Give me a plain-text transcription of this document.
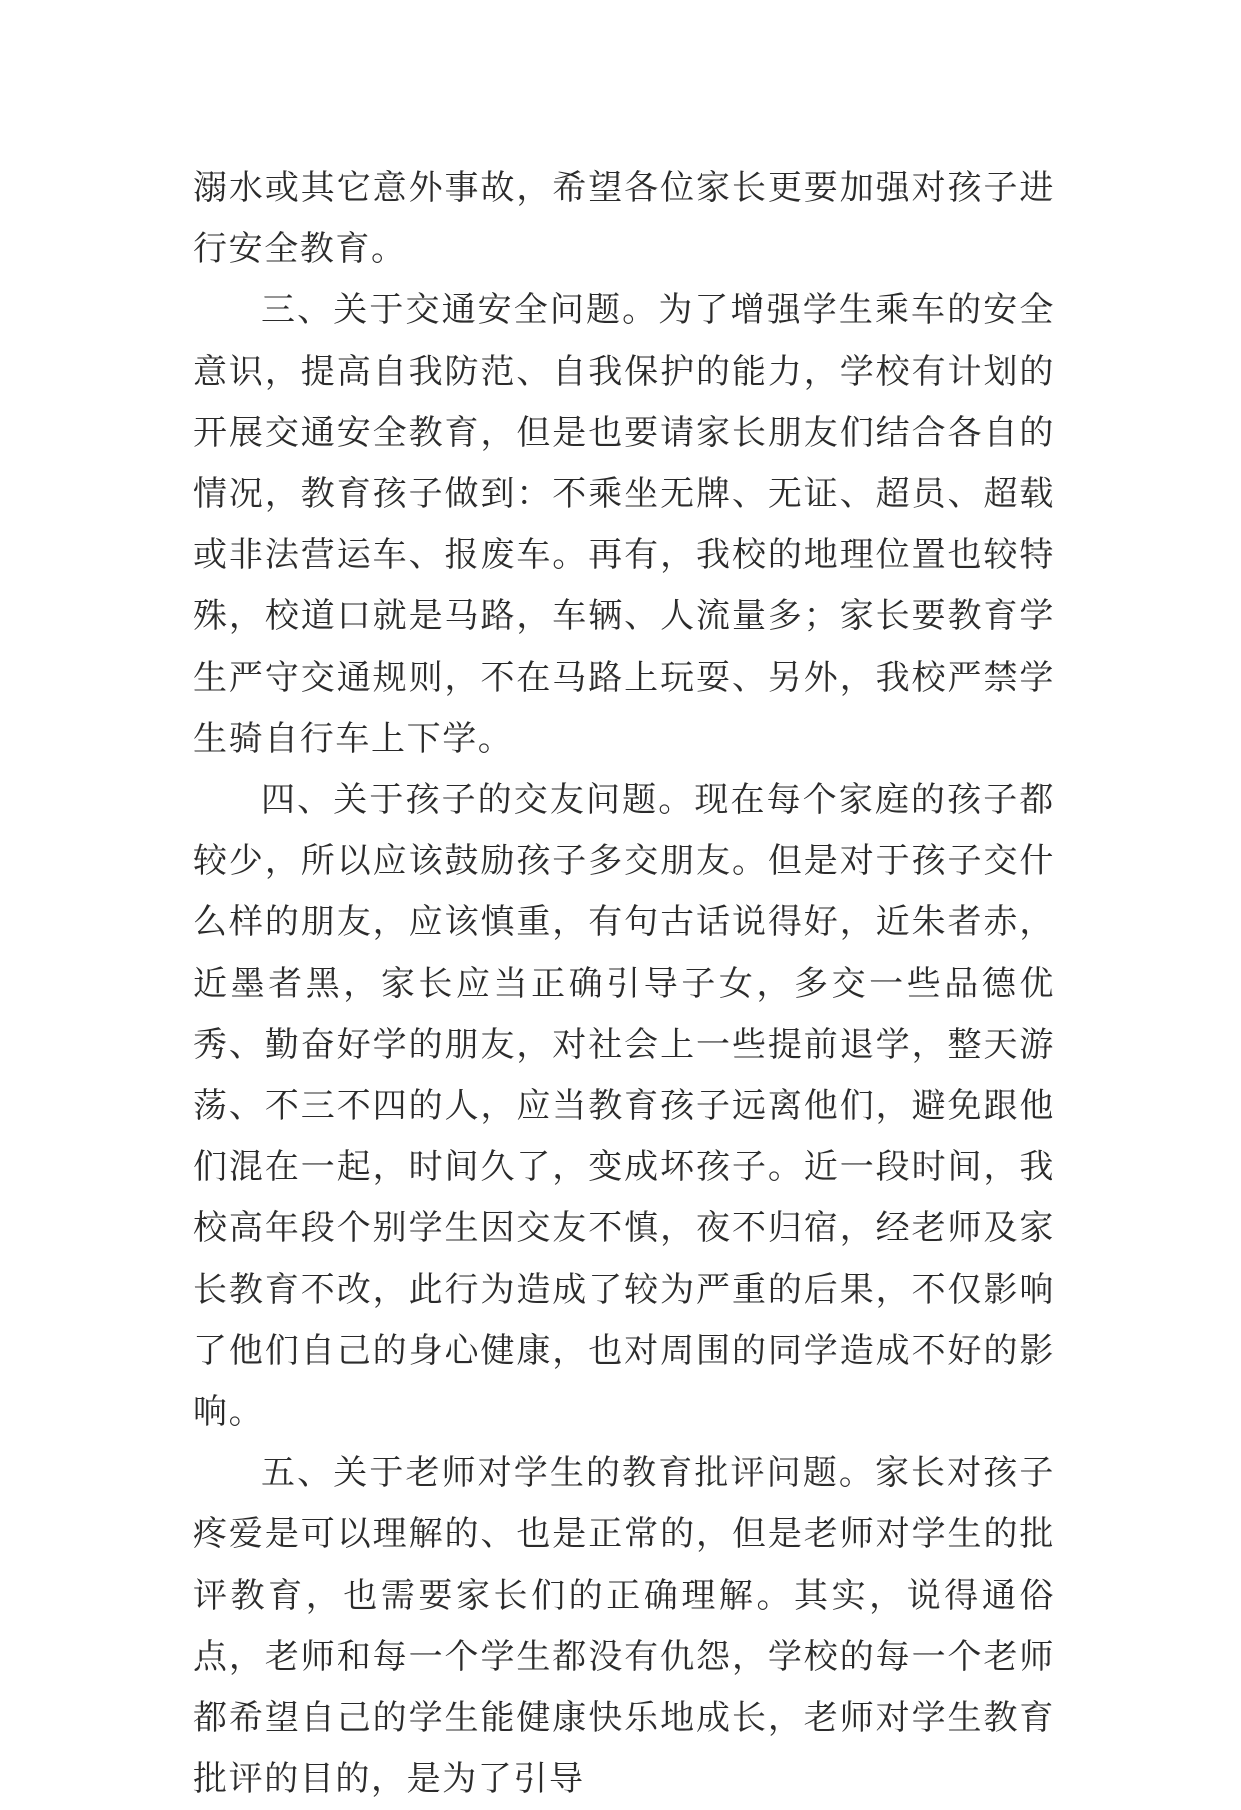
溺水或其它意外事故，希望各位家长更要加强对孩子进行安全教育。

三、关于交通安全问题。为了增强学生乘车的安全意识，提高自我防范、自我保护的能力，学校有计划的开展交通安全教育，但是也要请家长朋友们结合各自的情况，教育孩子做到：不乘坐无牌、无证、超员、超载或非法营运车、报废车。再有，我校的地理位置也较特殊，校道口就是马路，车辆、人流量多；家长要教育学生严守交通规则，不在马路上玩耍、另外，我校严禁学生骑自行车上下学。

四、关于孩子的交友问题。现在每个家庭的孩子都较少，所以应该鼓励孩子多交朋友。但是对于孩子交什么样的朋友，应该慎重，有句古话说得好，近朱者赤，近墨者黑，家长应当正确引导子女，多交一些品德优秀、勤奋好学的朋友，对社会上一些提前退学，整天游荡、不三不四的人，应当教育孩子远离他们，避免跟他们混在一起，时间久了，变成坏孩子。近一段时间，我校高年段个别学生因交友不慎，夜不归宿，经老师及家长教育不改，此行为造成了较为严重的后果，不仅影响了他们自己的身心健康，也对周围的同学造成不好的影响。

五、关于老师对学生的教育批评问题。家长对孩子疼爱是可以理解的、也是正常的，但是老师对学生的批评教育，也需要家长们的正确理解。其实，说得通俗点，老师和每一个学生都没有仇怨，学校的每一个老师都希望自己的学生能健康快乐地成长，老师对学生教育批评的目的，是为了引导
